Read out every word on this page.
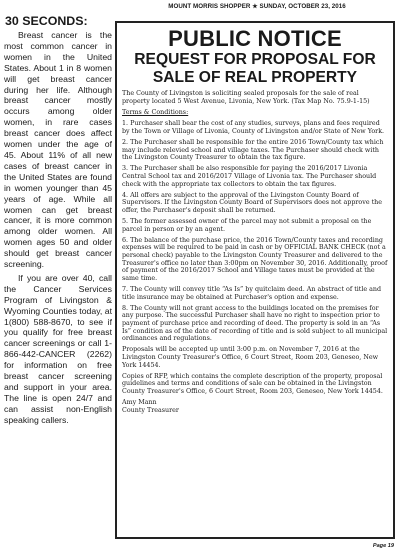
MOUNT MORRIS SHOPPER ★ SUNDAY, OCTOBER 23, 2016
30 SECONDS:

Breast cancer is the most common cancer in women in the United States. About 1 in 8 women will get breast cancer during her life. Although breast cancer mostly occurs among older women, in rare cases breast cancer does affect women under the age of 45. About 11% of all new cases of breast cancer in the United States are found in women younger than 45 years of age. While all women can get breast cancer, it is more common among older women. All women ages 50 and older should get breast cancer screening.

If you are over 40, call the Cancer Services Program of Livingston & Wyoming Counties today, at 1(800) 588-8670, to see if you qualify for free breast cancer screenings or call 1-866-442-CANCER (2262) for information on free breast cancer screening and support in your area. The line is open 24/7 and can assist non-English speaking callers.

PUBLIC NOTICE
REQUEST FOR PROPOSAL FOR SALE OF REAL PROPERTY

The County of Livingston is soliciting sealed proposals for the sale of real property located 5 West Avenue, Livonia, New York. (Tax Map No. 75.9-1-15)

Terms & Conditions:

1. Purchaser shall bear the cost of any studies, surveys, plans and fees required by the Town or Village of Livonia, County of Livingston and/or State of New York.

2. The Purchaser shall be responsible for the entire 2016 Town/County tax which may include relevied school and village taxes. The Purchaser should check with the Livingston County Treasurer to obtain the tax figure.

3. The Purchaser shall be also responsible for paying the 2016/2017 Livonia Central School tax and 2016/2017 Village of Livonia tax. The Purchaser should check with the appropriate tax collectors to obtain the tax figures.

4. All offers are subject to the approval of the Livingston County Board of Supervisors. If the Livingston County Board of Supervisors does not approve the offer, the Purchaser's deposit shall be returned.

5. The former assessed owner of the parcel may not submit a proposal on the parcel in person or by an agent.

6. The balance of the purchase price, the 2016 Town/County taxes and recording expenses will be required to be paid in cash or by OFFICIAL BANK CHECK (not a personal check) payable to the Livingston County Treasurer and delivered to the Treasurer's office no later than 3:00pm on November 30, 2016. Additionally, proof of payment of the 2016/2017 School and Village taxes must be provided at the same time.

7. The County will convey title “As Is” by quitclaim deed. An abstract of title and title insurance may be obtained at Purchaser's option and expense.

8. The County will not grant access to the buildings located on the premises for any purpose. The successful Purchaser shall have no right to inspection prior to payment of purchase price and recording of deed. The property is sold in an “As Is” condition as of the date of recording of title and is sold subject to all municipal ordinances and regulations.

Proposals will be accepted up until 3:00 p.m. on November 7, 2016 at the Livingston County Treasurer's Office, 6 Court Street, Room 203, Geneseo, New York 14454.

Copies of RFP, which contains the complete description of the property, proposal guidelines and terms and conditions of sale can be obtained in the Livingston County Treasurer's Office, 6 Court Street, Room 203, Geneseo, New York 14454.

Amy Mann
County Treasurer

Page 19
